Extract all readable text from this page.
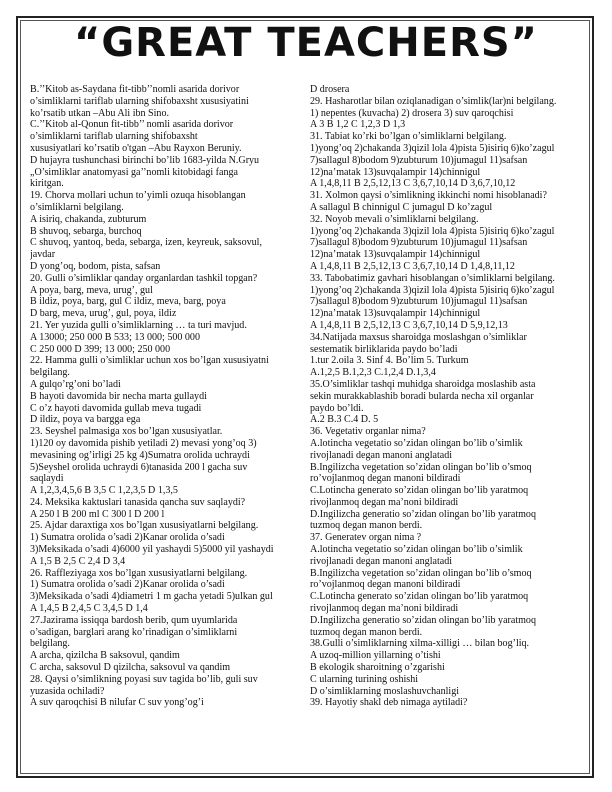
“GREAT TEACHERS”

B.’’Kitob as-Saydana fit-tibb’’nomli asarida dorivor

o’simliklarni tariflab ularning shifobaxsht xususiyatini

ko’rsatib utkan –Abu Ali ibn Sino.

C.’’Kitob al-Qonun fit-tibb’’ nomli asarida dorivor

o’simliklarni tariflab ularning shifobaxsht

xususiyatlari ko’rsatib o'tgan –Abu Rayxon Beruniy.

D hujayra tushunchasi birinchi bo’lib 1683-yilda N.Gryu

„O’simliklar anatomyasi ga’’nomli kitobidagi fanga

kiritgan.

19. Chorva mollari uchun to’yimli ozuqa hisoblangan

o’simliklarni belgilang.

A isiriq, chakanda, zubturum

B shuvoq, sebarga, burchoq

C shuvoq, yantoq, beda, sebarga, izen, keyreuk, saksovul,

javdar

D yong’oq, bodom, pista, safsan

20. Gulli o’simliklar qanday organlardan tashkil topgan?

A poya, barg, meva, urug’, gul

B ildiz, poya, barg, gul C ildiz, meva, barg, poya

D barg, meva, urug’, gul, poya, ildiz

21. Yer yuzida gulli o’simliklarning … ta turi mavjud.

A 13000; 250 000 B 533; 13 000; 500 000

C 250 000 D 399; 13 000; 250 000

22. Hamma gulli o’simliklar uchun xos bo’lgan xususiyatni

belgilang.

A gulqo’rg’oni bo’ladi

B hayoti davomida bir necha marta gullaydi

C o’z hayoti davomida gullab meva tugadi

D ildiz, poya va bargga ega

23. Seyshel palmasiga xos bo’lgan xususiyatlar.

1)120 oy davomida pishib yetiladi 2) mevasi yong’oq 3)

mevasining og’irligi 25 kg 4)Sumatra orolida uchraydi

5)Seyshel orolida uchraydi 6)tanasida 200 l gacha suv

saqlaydi

A 1,2,3,4,5,6 B 3,5 C 1,2,3,5 D 1,3,5

24. Meksika kaktuslari tanasida qancha suv saqlaydi?

A 250 l B 200 ml C 300 l D 200 l

25. Ajdar daraxtiga xos bo’lgan xususiyatlarni belgilang.

1) Sumatra orolida o’sadi 2)Kanar orolida o’sadi

3)Meksikada o’sadi 4)6000 yil yashaydi 5)5000 yil yashaydi

A 1,5 B 2,5 C 2,4 D 3,4

26. Raffleziyaga xos bo’lgan xususiyatlarni belgilang.

1) Sumatra orolida o’sadi 2)Kanar orolida o’sadi

3)Meksikada o’sadi 4)diametri 1 m gacha yetadi 5)ulkan gul

A 1,4,5 B 2,4,5 C 3,4,5 D 1,4

27.Jazirama issiqqa bardosh berib, qum uyumlarida

o’sadigan, barglari arang ko’rinadigan o’simliklarni

belgilang.

A archa, qizilcha B saksovul, qandim

C archa, saksovul D qizilcha, saksovul va qandim

28. Qaysi o’simlikning poyasi suv tagida bo’lib, guli suv

yuzasida ochiladi?

A suv qaroqchisi B nilufar C suv yong’og’i

D drosera

29. Hasharotlar bilan oziqlanadigan o’simlik(lar)ni belgilang.

1) nepentes (kuvacha) 2) drosera 3) suv qaroqchisi

A 3 B 1,2 C 1,2,3 D 1,3

31. Tabiat ko’rki bo’lgan o’simliklarni belgilang.

1)yong’oq 2)chakanda 3)qizil lola 4)pista 5)isiriq 6)ko’zagul

7)sallagul 8)bodom 9)zubturum 10)jumagul 11)safsan

12)na’matak 13)suvqalampir 14)chinnigul

A 1,4,8,11 B 2,5,12,13 C 3,6,7,10,14 D 3,6,7,10,12

31. Xolmon qaysi o’simlikning ikkinchi nomi hisoblanadi?

A sallagul B chinnigul C jumagul D ko’zagul

32. Noyob mevali o’simliklarni belgilang.

1)yong’oq 2)chakanda 3)qizil lola 4)pista 5)isiriq 6)ko’zagul

7)sallagul 8)bodom 9)zubturum 10)jumagul 11)safsan

12)na’matak 13)suvqalampir 14)chinnigul

A 1,4,8,11 B 2,5,12,13 C 3,6,7,10,14 D 1,4,8,11,12

33. Tabobatimiz gavhari hisoblangan o’simliklarni belgilang.

1)yong’oq 2)chakanda 3)qizil lola 4)pista 5)isiriq 6)ko’zagul

7)sallagul 8)bodom 9)zubturum 10)jumagul 11)safsan

12)na’matak 13)suvqalampir 14)chinnigul

A 1,4,8,11 B 2,5,12,13 C 3,6,7,10,14 D 5,9,12,13

34.Natijada maxsus sharoidga moslashgan o’simliklar

sestematik birliklarida paydo bo’ladi

1.tur 2.oila 3. Sinf 4. Bo’lim 5. Turkum

A.1,2,5 B.1,2,3 C.1,2,4 D.1,3,4

35.O’simliklar tashqi muhidga sharoidga moslashib asta

sekin murakkablashib boradi bularda necha xil organlar

paydo bo’ldi.

A.2 B.3 C.4 D. 5

36. Vegetativ organlar nima?

A.lotincha vegetatio so’zidan olingan bo’lib o’simlik

rivojlanadi degan manoni anglatadi

B.Ingilizcha vegetation so’zidan olingan bo’lib o’smoq

ro’vojlanmoq degan manoni bildiradi

C.Lotincha generato so’zidan olingan bo’lib yaratmoq

rivojlanmoq degan ma’noni bildiradi

D.Ingilizcha generatio so’zidan olingan bo’lib yaratmoq

tuzmoq degan manon berdi.

37. Generatev organ nima ?

A.lotincha vegetatio so’zidan olingan bo’lib o’simlik

rivojlanadi degan manoni anglatadi

B.Ingilizcha vegetation so’zidan olingan bo’lib o’smoq

ro’vojlanmoq degan manoni bildiradi

C.Lotincha generato so’zidan olingan bo’lib yaratmoq

rivojlanmoq degan ma’noni bildiradi

D.Ingilizcha generatio so’zidan olingan bo’lib yaratmoq

tuzmoq degan manon berdi.

38.Gulli o’simliklarning xilma-xilligi … bilan bog’liq.

A uzoq-million yillarning o’tishi

B ekologik sharoitning o’zgarishi

C ularning turining oshishi

D o’simliklarning moslashuvchanligi

39. Hayotiy shakl deb nimaga aytiladi?
